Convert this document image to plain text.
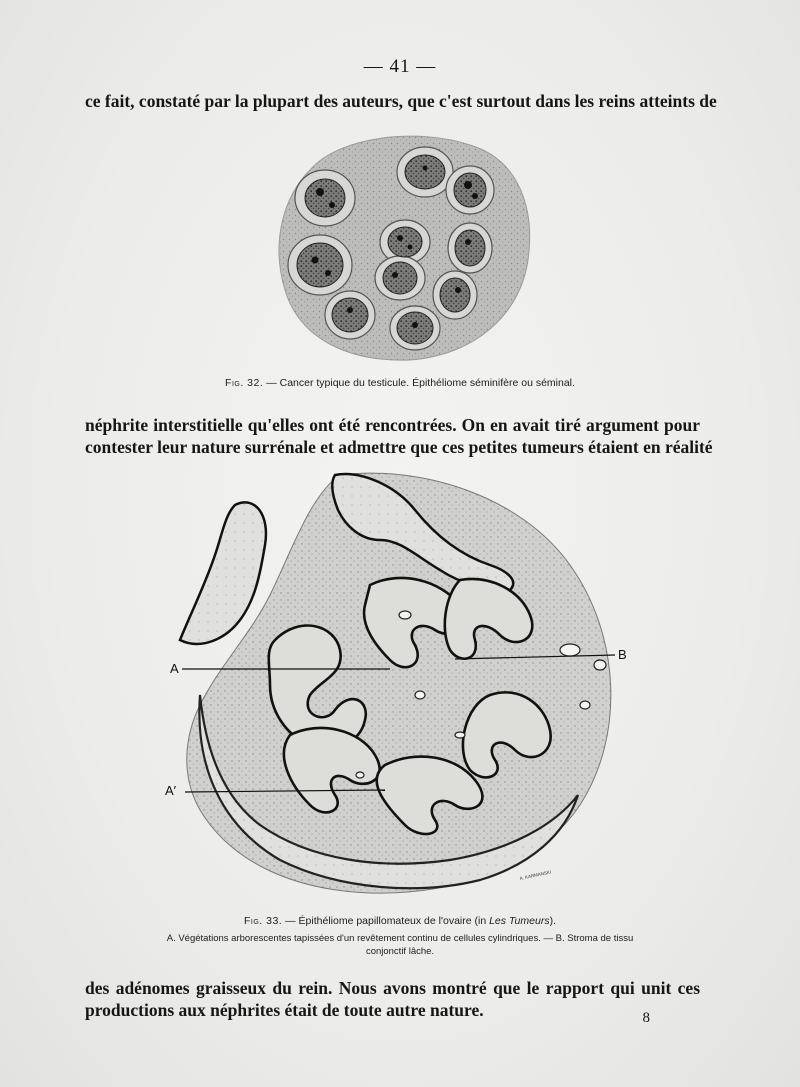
— 41 —
ce fait, constaté par la plupart des auteurs, que c'est surtout dans les reins atteints de
Fig. 32. — Cancer typique du testicule. Épithéliome séminifère ou séminal.
néphrite interstitielle qu'elles ont été rencontrées. On en avait tiré argument pour
contester leur nature surrénale et admettre que ces petites tumeurs étaient en réalité
A
B
A′
A. KARMANSKI
Fig. 33. — Épithéliome papillomateux de l'ovaire (in Les Tumeurs).
A. Végétations arborescentes tapissées d'un revêtement continu de cellules cylindriques. — B. Stroma de tissu
conjonctif lâche.
des adénomes graisseux du rein. Nous avons montré que le rapport qui unit ces
productions aux néphrites était de toute autre nature.	8
